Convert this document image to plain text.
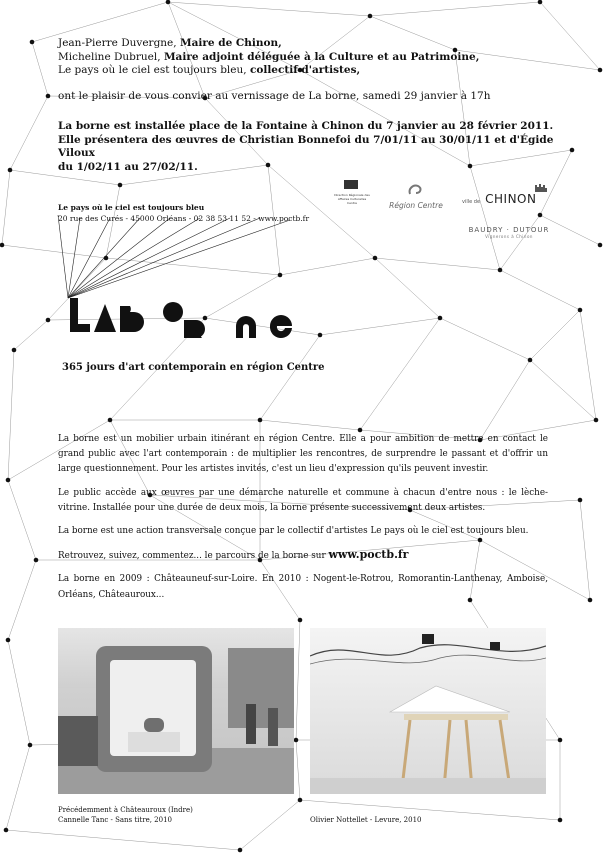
Jean-Pierre Duvergne, Maire de Chinon,
Micheline Dubruel, Maire adjoint déléguée à la Culture et au Patrimoine,
Le pays où le ciel est toujours bleu, collectif d'artistes,
ont le plaisir de vous convier au vernissage de La borne, samedi 29 janvier à 17h
La borne est installée place de la Fontaine à Chinon du 7 janvier au 28 février 2011.
Elle présentera des œuvres de Christian Bonnefoi du 7/01/11 au 30/01/11 et d'Égide Viloux
du 1/02/11 au 27/02/11.
Le pays où le ciel est toujours bleu
20 rue des Curés - 45000 Orléans - 02 38 53 11 52 - www.poctb.fr
Direction Régionale des Affaires Culturelles Centre	Région Centre	ville de CHINON
BAUDRY · DUTOUR
Vignerons à Chinon
365 jours d'art contemporain en région Centre
La borne est un mobilier urbain itinérant en région Centre. Elle a pour ambition de mettre en contact le grand public avec l'art contemporain : de multiplier les rencontres, de surprendre le passant et d'offrir un large questionnement. Pour les artistes invités, c'est un lieu d'expression qu'ils peuvent investir.
Le public accède aux œuvres par une démarche naturelle et commune à chacun d'entre nous : le lèche-vitrine. Installée pour une durée de deux mois, la borne présente successivement deux artistes.
La borne est une action transversale conçue par le collectif d'artistes Le pays où le ciel est toujours bleu.
Retrouvez, suivez, commentez... le parcours de la borne sur www.poctb.fr
La borne en 2009 : Châteauneuf-sur-Loire. En 2010 : Nogent-le-Rotrou, Romorantin-Lanthenay, Amboise, Orléans, Châteauroux...
Précédemment à Châteauroux (Indre)
Cannelle Tanc - Sans titre, 2010	Olivier Nottellet - Levure, 2010
